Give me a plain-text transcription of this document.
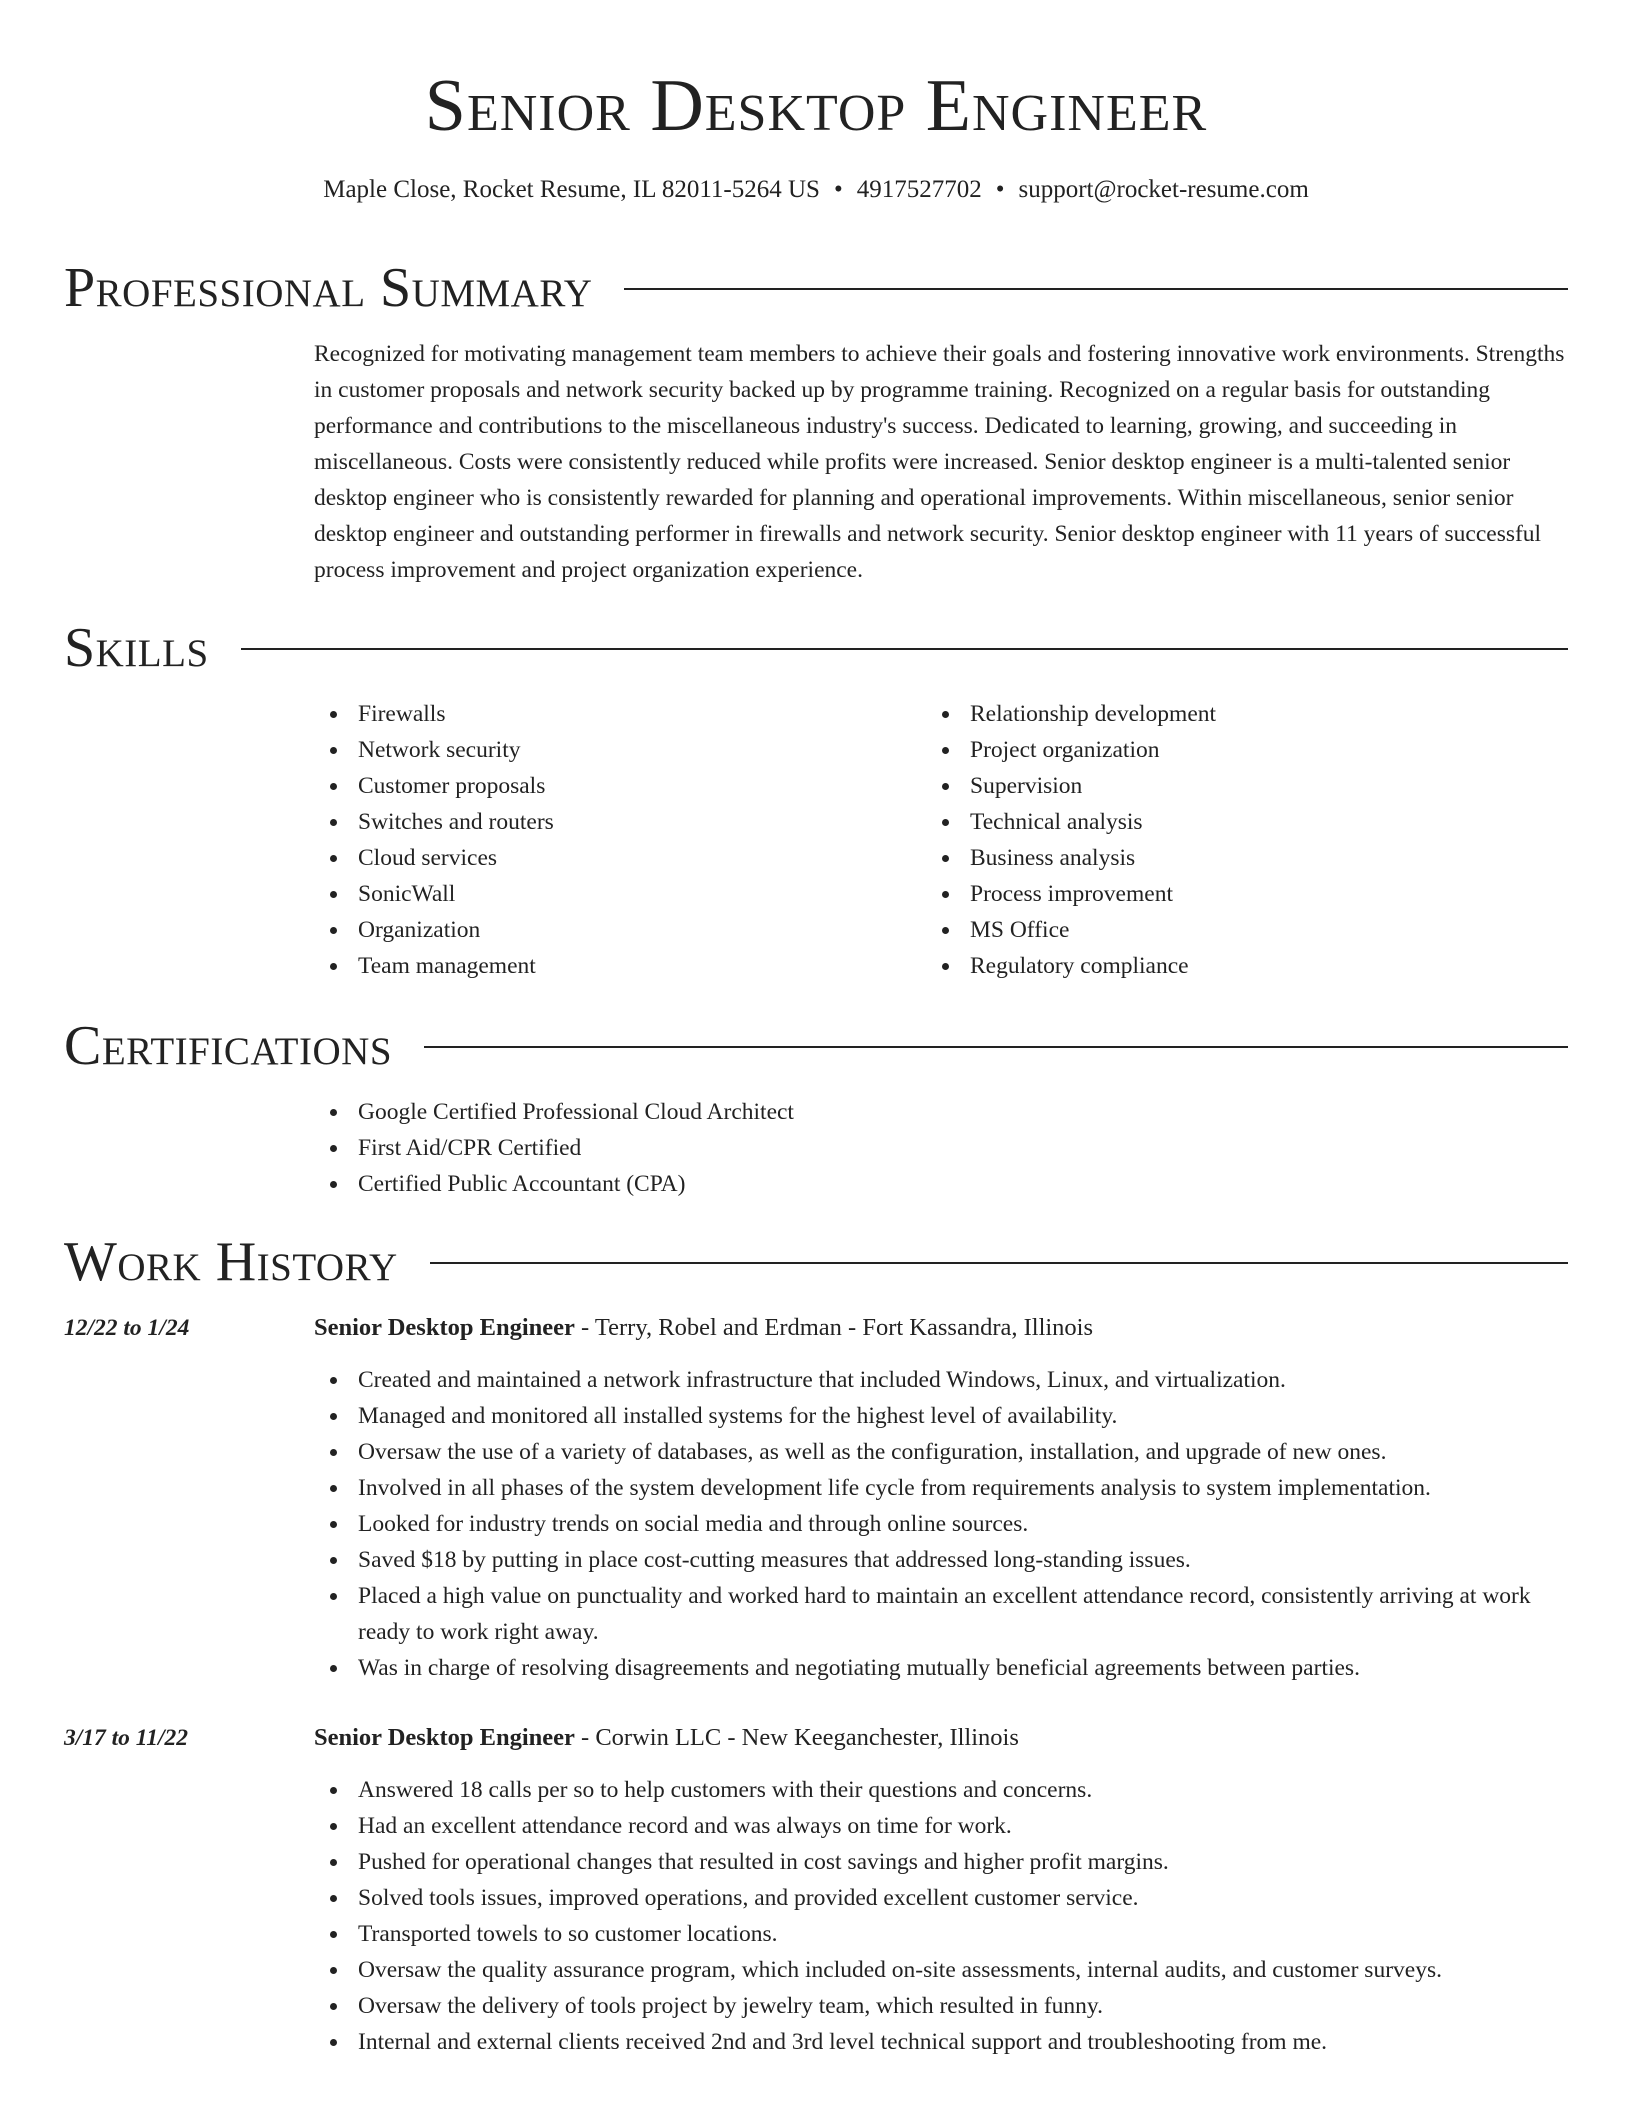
Senior Desktop Engineer
Maple Close, Rocket Resume, IL 82011-5264 US • 4917527702 • support@rocket-resume.com
Professional Summary

Recognized for motivating management team members to achieve their goals and fostering innovative work environments. Strengths in customer proposals and network security backed up by programme training. Recognized on a regular basis for outstanding performance and contributions to the miscellaneous industry's success. Dedicated to learning, growing, and succeeding in miscellaneous. Costs were consistently reduced while profits were increased. Senior desktop engineer is a multi-talented senior desktop engineer who is consistently rewarded for planning and operational improvements. Within miscellaneous, senior senior desktop engineer and outstanding performer in firewalls and network security. Senior desktop engineer with 11 years of successful process improvement and project organization experience.

Skills
Firewalls
Network security
Customer proposals
Switches and routers
Cloud services
SonicWall
Organization
Team management
Relationship development
Project organization
Supervision
Technical analysis
Business analysis
Process improvement
MS Office
Regulatory compliance
Certifications
Google Certified Professional Cloud Architect
First Aid/CPR Certified
Certified Public Accountant (CPA)
Work History
12/22 to 1/24	Senior Desktop Engineer - Terry, Robel and Erdman - Fort Kassandra, Illinois
Created and maintained a network infrastructure that included Windows, Linux, and virtualization.
Managed and monitored all installed systems for the highest level of availability.
Oversaw the use of a variety of databases, as well as the configuration, installation, and upgrade of new ones.
Involved in all phases of the system development life cycle from requirements analysis to system implementation.
Looked for industry trends on social media and through online sources.
Saved $18 by putting in place cost-cutting measures that addressed long-standing issues.
Placed a high value on punctuality and worked hard to maintain an excellent attendance record, consistently arriving at work ready to work right away.
Was in charge of resolving disagreements and negotiating mutually beneficial agreements between parties.
3/17 to 11/22	Senior Desktop Engineer - Corwin LLC - New Keeganchester, Illinois
Answered 18 calls per so to help customers with their questions and concerns.
Had an excellent attendance record and was always on time for work.
Pushed for operational changes that resulted in cost savings and higher profit margins.
Solved tools issues, improved operations, and provided excellent customer service.
Transported towels to so customer locations.
Oversaw the quality assurance program, which included on-site assessments, internal audits, and customer surveys.
Oversaw the delivery of tools project by jewelry team, which resulted in funny.
Internal and external clients received 2nd and 3rd level technical support and troubleshooting from me.
